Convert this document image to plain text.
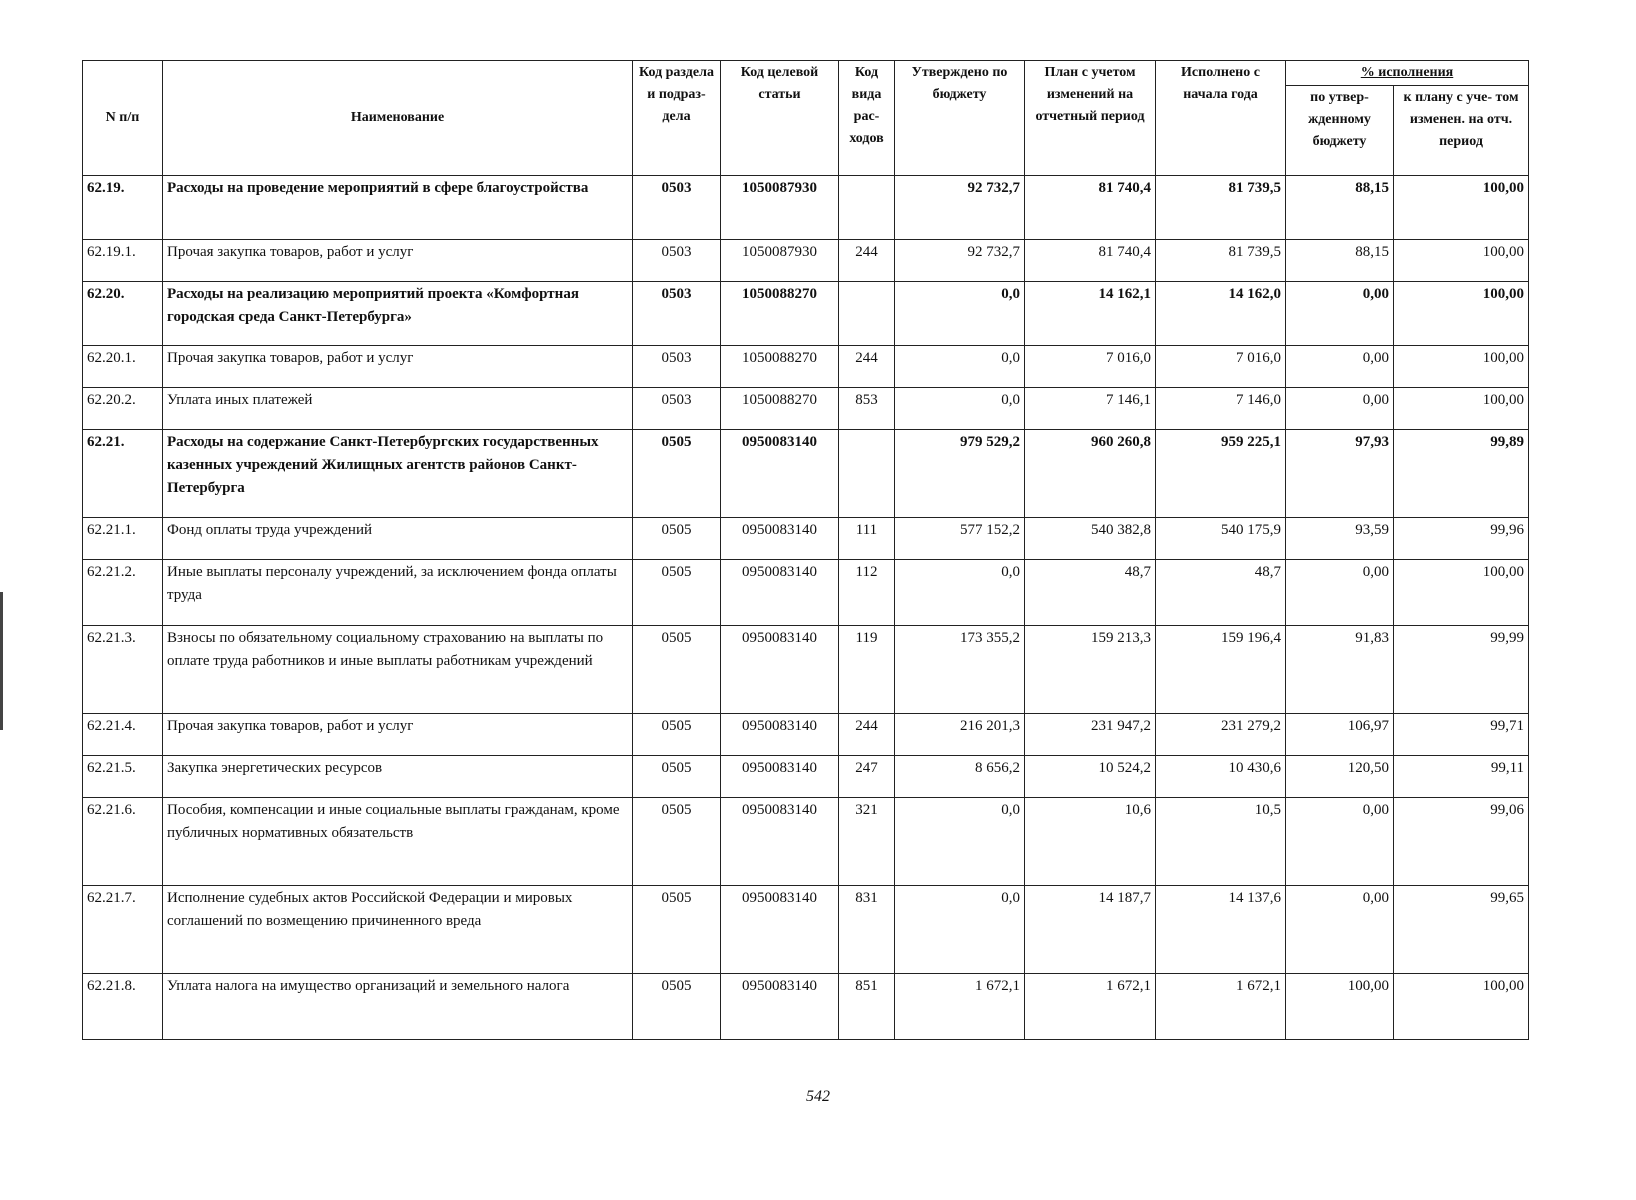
N п/п	Наименование	Код раздела и подраз- дела	Код целевой статьи	Код вида рас- ходов	Утверждено по бюджету	План с учетом изменений на отчетный период	Исполнено с начала года	% исполнения	
								по утвер- жденному бюджету	к плану с уче- том изменен. на отч. период
62.19.	Расходы на проведение мероприятий в сфере благоустройства	0503	1050087930		92 732,7	81 740,4	81 739,5	88,15	100,00
62.19.1.	Прочая закупка товаров, работ и услуг	0503	1050087930	244	92 732,7	81 740,4	81 739,5	88,15	100,00
62.20.	Расходы на реализацию мероприятий проекта «Комфортная городская среда Санкт-Петербурга»	0503	1050088270		0,0	14 162,1	14 162,0	0,00	100,00
62.20.1.	Прочая закупка товаров, работ и услуг	0503	1050088270	244	0,0	7 016,0	7 016,0	0,00	100,00
62.20.2.	Уплата иных платежей	0503	1050088270	853	0,0	7 146,1	7 146,0	0,00	100,00
62.21.	Расходы на содержание Санкт-Петербургских государственных казенных учреждений Жилищных агентств районов Санкт-Петербурга	0505	0950083140		979 529,2	960 260,8	959 225,1	97,93	99,89
62.21.1.	Фонд оплаты труда учреждений	0505	0950083140	111	577 152,2	540 382,8	540 175,9	93,59	99,96
62.21.2.	Иные выплаты персоналу учреждений, за исключением фонда оплаты труда	0505	0950083140	112	0,0	48,7	48,7	0,00	100,00
62.21.3.	Взносы по обязательному социальному страхованию на выплаты по оплате труда работников и иные выплаты работникам учреждений	0505	0950083140	119	173 355,2	159 213,3	159 196,4	91,83	99,99
62.21.4.	Прочая закупка товаров, работ и услуг	0505	0950083140	244	216 201,3	231 947,2	231 279,2	106,97	99,71
62.21.5.	Закупка энергетических ресурсов	0505	0950083140	247	8 656,2	10 524,2	10 430,6	120,50	99,11
62.21.6.	Пособия, компенсации и иные социальные выплаты гражданам, кроме публичных нормативных обязательств	0505	0950083140	321	0,0	10,6	10,5	0,00	99,06
62.21.7.	Исполнение судебных актов Российской Федерации и мировых соглашений по возмещению причиненного вреда	0505	0950083140	831	0,0	14 187,7	14 137,6	0,00	99,65
62.21.8.	Уплата налога на имущество организаций и земельного налога	0505	0950083140	851	1 672,1	1 672,1	1 672,1	100,00	100,00
542
